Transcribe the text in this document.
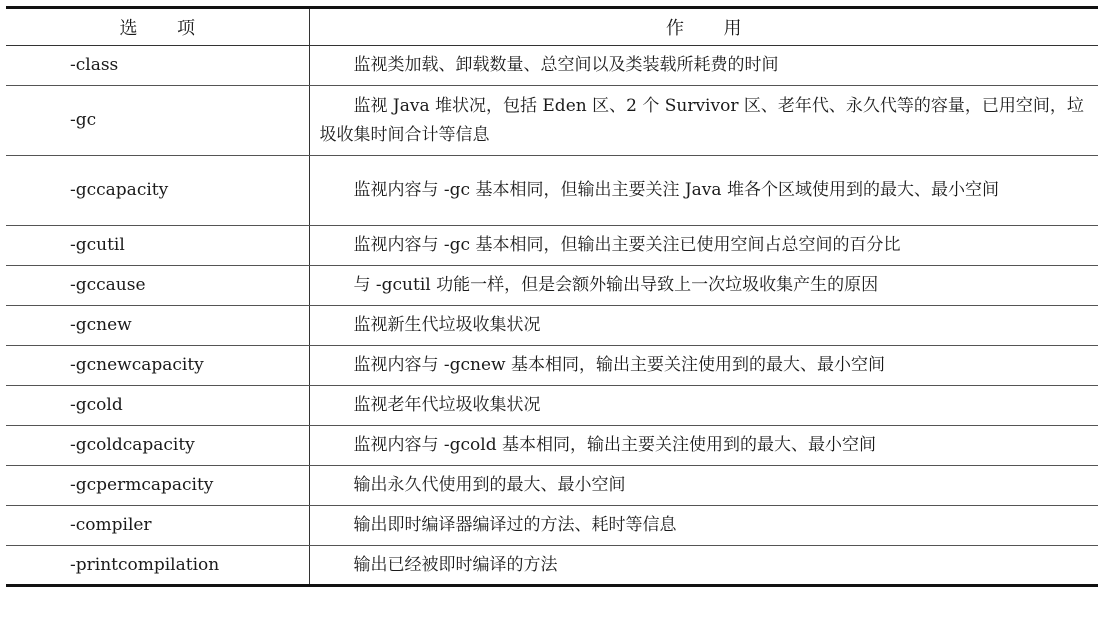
选项	作用
-class	监视类加载、卸载数量、总空间以及类装载所耗费的时间
-gc	监视 Java 堆状况，包括 Eden 区、2 个 Survivor 区、老年代、永久代等的容量，已用空间，垃圾收集时间合计等信息
-gccapacity	监视内容与 -gc 基本相同，但输出主要关注 Java 堆各个区域使用到的最大、最小空间
-gcutil	监视内容与 -gc 基本相同，但输出主要关注已使用空间占总空间的百分比
-gccause	与 -gcutil 功能一样，但是会额外输出导致上一次垃圾收集产生的原因
-gcnew	监视新生代垃圾收集状况
-gcnewcapacity	监视内容与 -gcnew 基本相同，输出主要关注使用到的最大、最小空间
-gcold	监视老年代垃圾收集状况
-gcoldcapacity	监视内容与 -gcold 基本相同，输出主要关注使用到的最大、最小空间
-gcpermcapacity	输出永久代使用到的最大、最小空间
-compiler	输出即时编译器编译过的方法、耗时等信息
-printcompilation	输出已经被即时编译的方法
